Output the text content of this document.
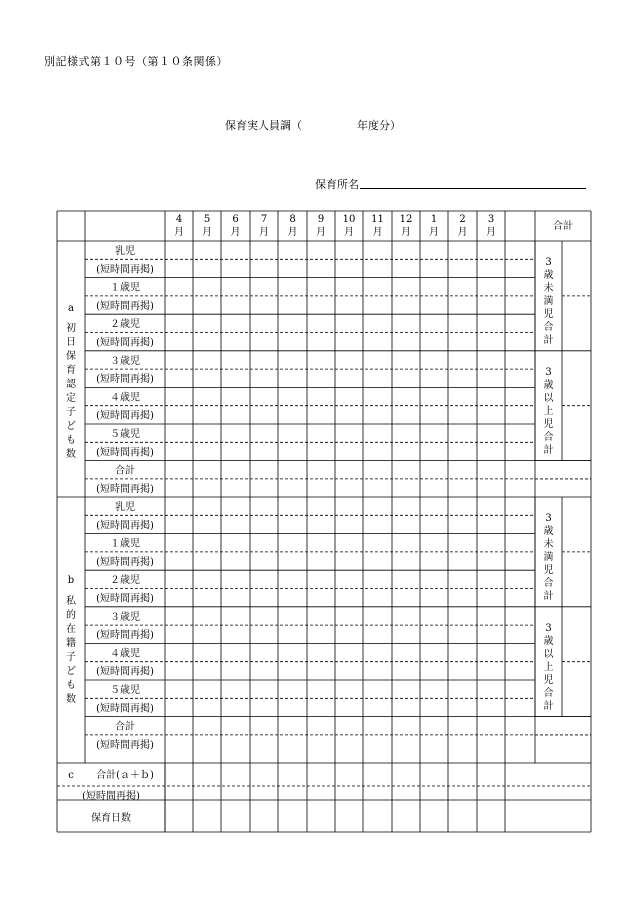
別記様式第１０号（第１０条関係）
保育実人員調（　　　　　年度分）
保育所名
4
月
5
月
6
月
7
月
8
月
9
月
10
月
11
月
12
月
1
月
2
月
3
月
合計
乳児
(短時間再掲)
１歳児
(短時間再掲)
２歳児
(短時間再掲)
３歳児
(短時間再掲)
４歳児
(短時間再掲)
５歳児
(短時間再掲)
合計
(短時間再掲)
3
歳
未
満
児
合
計
3
歳
以
上
児
合
計
乳児
(短時間再掲)
１歳児
(短時間再掲)
２歳児
(短時間再掲)
３歳児
(短時間再掲)
４歳児
(短時間再掲)
５歳児
(短時間再掲)
合計
(短時間再掲)
3
歳
未
満
児
合
計
3
歳
以
上
児
合
計
a
初
日
保
育
認
定
子
ど
も
数
b
私
的
在
籍
子
ど
も
数
c 合計(ａ＋ｂ)
(短時間再掲)
保育日数
